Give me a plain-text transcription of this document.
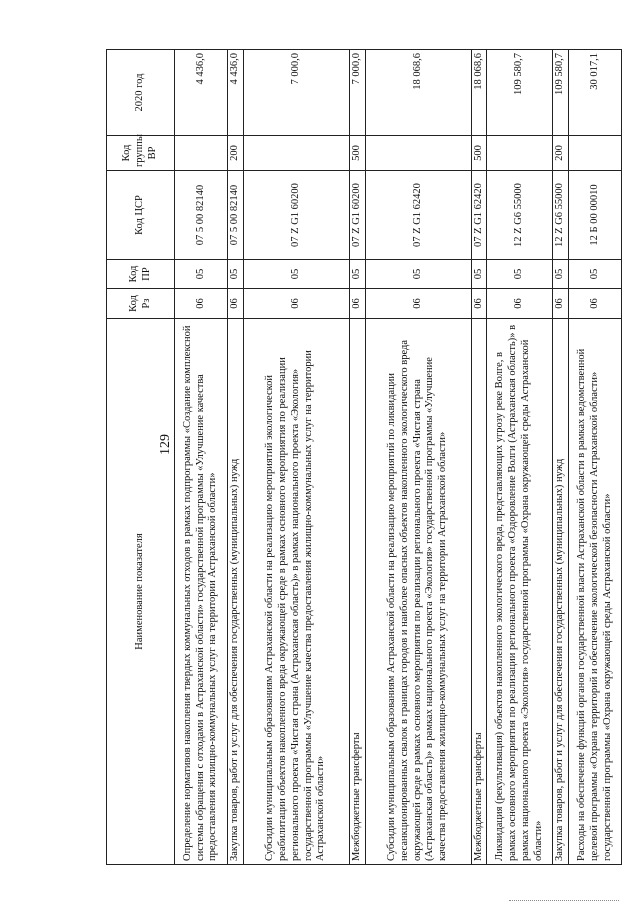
129
Наименование показателя	Код Рз	Код ПР	Код ЦСР	Код группы ВР	2020 год
Определение нормативов накопления твердых коммунальных отходов в рамках подпрограммы «Создание комплексной системы обращения с отходами в Астраханской области» государственной программы «Улучшение качества предоставления жилищно-коммунальных услуг на территории Астраханской области»	06	05	07 5 00 82140		4 436,0
Закупка товаров, работ и услуг для обеспечения государственных (муниципальных) нужд	06	05	07 5 00 82140	200	4 436,0
Субсидии муниципальным образованиям Астраханской области на реализацию мероприятий экологической реабилитации объектов накопленного вреда окружающей среде в рамках основного мероприятия по реализации регионального проекта «Чистая страна (Астраханская область)» в рамках национального проекта «Экология» государственной программы «Улучшение качества предоставления жилищно-коммунальных услуг на территории Астраханской области»	06	05	07 Z G1 60200		7 000,0
Межбюджетные трансферты	06	05	07 Z G1 60200	500	7 000,0
Субсидии муниципальным образованиям Астраханской области на реализацию мероприятий по ликвидации несанкционированных свалок в границах городов и наиболее опасных объектов накопленного экологического вреда окружающей среде в рамках основного мероприятия по реализации регионального проекта «Чистая страна (Астраханская область)» в рамках национального проекта «Экология» государственной программы «Улучшение качества предоставления жилищно-коммунальных услуг на территории Астраханской области»	06	05	07 Z G1 62420		18 068,6
Межбюджетные трансферты	06	05	07 Z G1 62420	500	18 068,6
Ликвидация (рекультивация) объектов накопленного экологического вреда, представляющих угрозу реке Волге, в рамках основного мероприятия по реализации регионального проекта «Оздоровление Волги (Астраханская область)» в рамках национального проекта «Экология» государственной программы «Охрана окружающей среды Астраханской области»	06	05	12 Z G6 55000		109 580,7
Закупка товаров, работ и услуг для обеспечения государственных (муниципальных) нужд	06	05	12 Z G6 55000	200	109 580,7
Расходы на обеспечение функций органов государственной власти Астраханской области в рамках ведомственной целевой программы «Охрана территорий и обеспечение экологической безопасности Астраханской области» государственной программы «Охрана окружающей среды Астраханской области»	06	05	12 Б 00 00010		30 017,1
